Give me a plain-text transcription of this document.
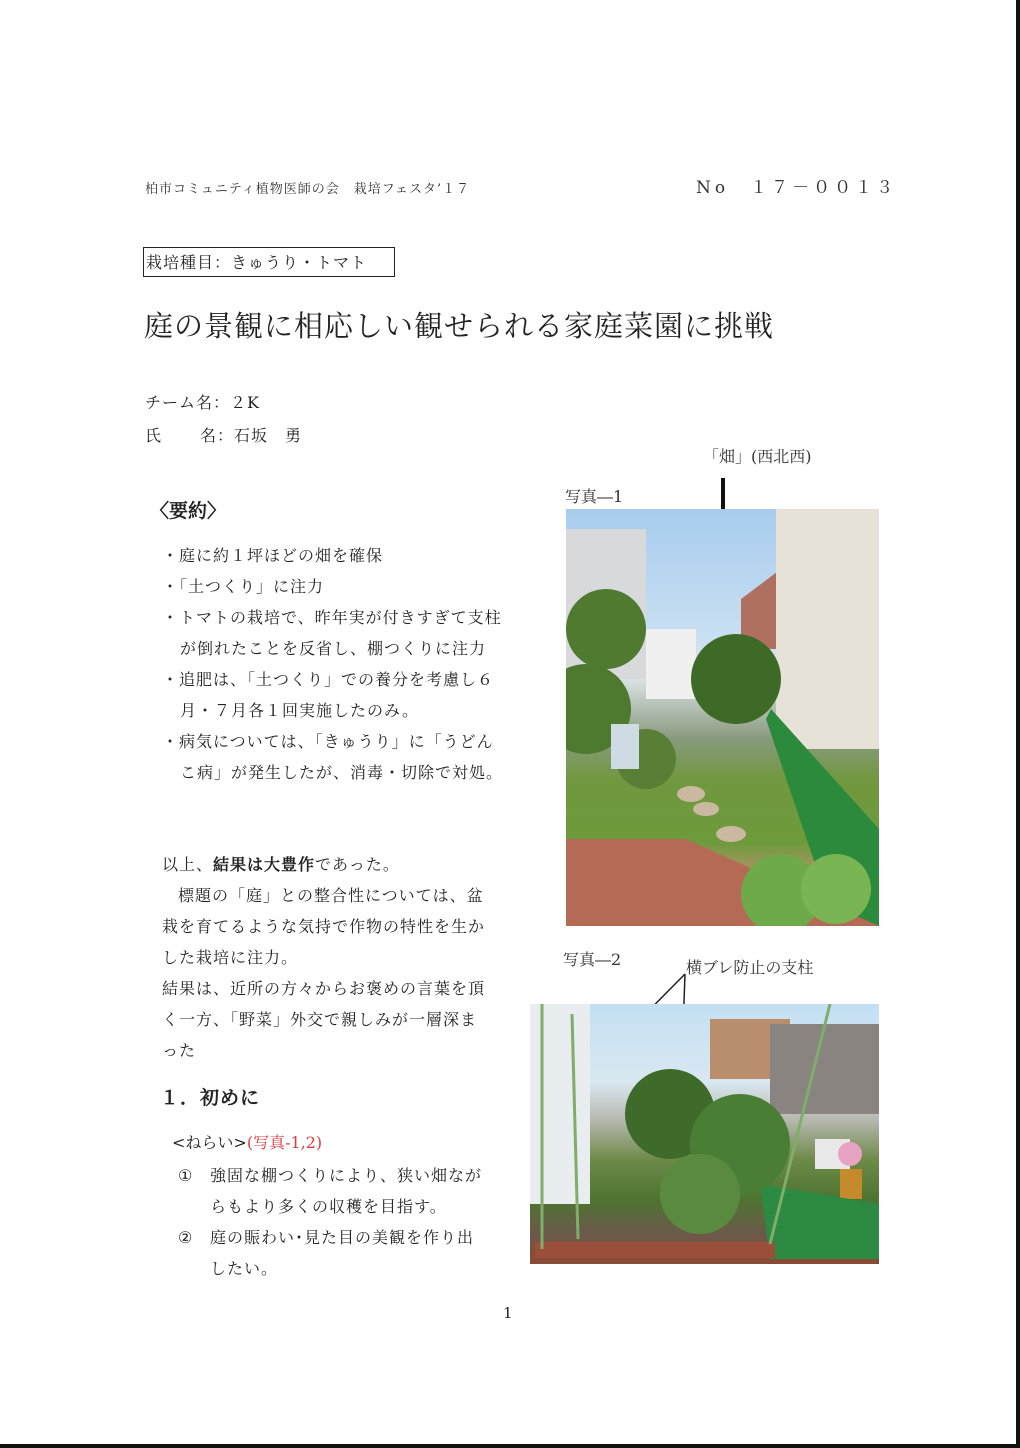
柏市コミュニティ植物医師の会　栽培フェスタ’１７	No　１７－００１３
栽培種目：きゅうり・トマト
庭の景観に相応しい観せられる家庭菜園に挑戦
チーム名：２K
氏 名：石坂　勇
〈要約〉
・庭に約１坪ほどの畑を確保
・「土つくり」に注力
・トマトの栽培で、昨年実が付きすぎて支柱が倒れたことを反省し、棚つくりに注力
・追肥は、「土つくり」での養分を考慮し６月・７月各１回実施したのみ。
・病気については、「きゅうり」に「うどんこ病」が発生したが、消毒・切除で対処。

以上、結果は大豊作であった。

標題の「庭」との整合性については、盆栽を育てるような気持で作物の特性を生かした栽培に注力。

結果は、近所の方々からお褒めの言葉を頂く一方、「野菜」外交で親しみが一層深まった

１．初めに
<ねらい>(写真-1,2)
① 強固な棚つくりにより、狭い畑なが
らもより多くの収穫を目指す。
② 庭の賑わい･見た目の美観を作り出
したい。
「畑」(西北西)
写真―1
写真―2	横ブレ防止の支柱
1
